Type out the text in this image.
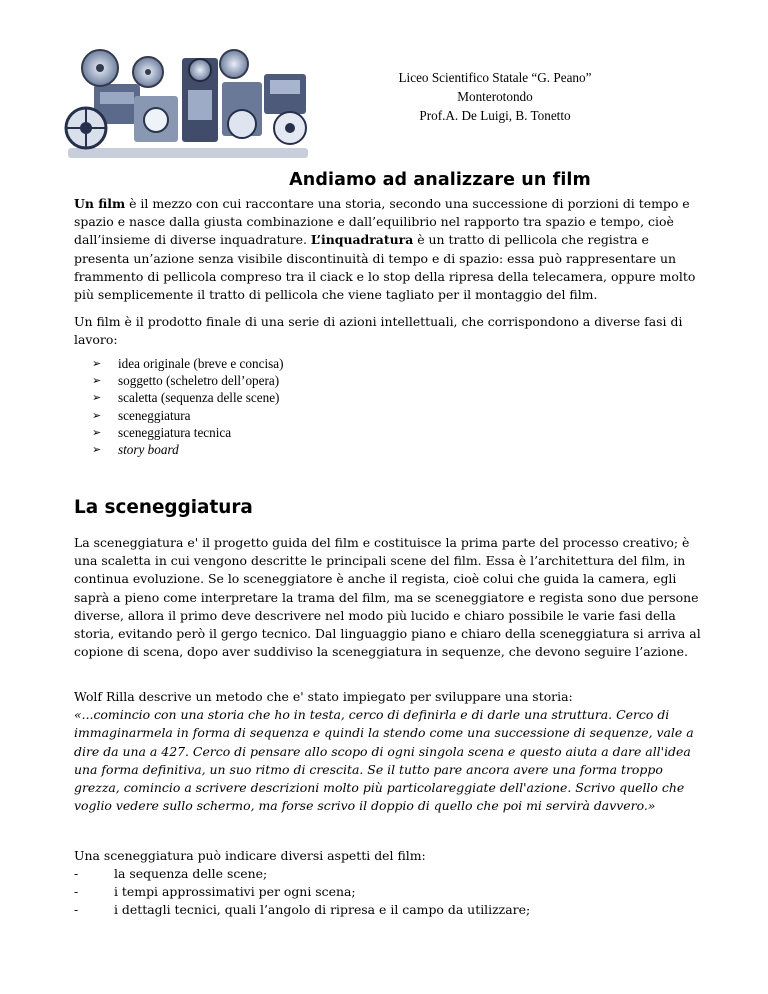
Liceo Scientifico Statale “G. Peano”
Monterotondo
Prof.A. De Luigi, B. Tonetto
Andiamo ad analizzare un film

Un film è il mezzo con cui raccontare una storia, secondo una successione di porzioni di tempo e spazio e nasce dalla giusta combinazione e dall’equilibrio nel rapporto tra spazio e tempo, cioè dall’insieme di diverse inquadrature. L’inquadratura è un tratto di pellicola che registra e presenta un’azione senza visibile discontinuità di tempo e di spazio: essa può rappresentare un frammento di pellicola compreso tra il ciack e lo stop della ripresa della telecamera, oppure molto più semplicemente il tratto di pellicola che viene tagliato per il montaggio del film.

Un film è il prodotto finale di una serie di azioni intellettuali, che corrispondono a diverse fasi di lavoro:

➢	idea originale (breve e concisa)
➢	soggetto (scheletro dell’opera)
➢	scaletta (sequenza delle scene)
➢	sceneggiatura
➢	sceneggiatura tecnica
➢	story board
La sceneggiatura

La sceneggiatura e' il progetto guida del film e costituisce la prima parte del processo creativo; è una scaletta in cui vengono descritte le principali scene del film. Essa è l’architettura del film, in continua evoluzione. Se lo sceneggiatore è anche il regista, cioè colui che guida la camera, egli saprà a pieno come interpretare la trama del film, ma se sceneggiatore e regista sono due persone diverse, allora il primo deve descrivere nel modo più lucido e chiaro possibile le varie fasi della storia, evitando però il gergo tecnico. Dal linguaggio piano e chiaro della sceneggiatura si arriva al copione di scena, dopo aver suddiviso la sceneggiatura in sequenze, che devono seguire l’azione.

Wolf Rilla descrive un metodo che e' stato impiegato per sviluppare una storia:
«...comincio con una storia che ho in testa, cerco di definirla e di darle una struttura. Cerco di immaginarmela in forma di sequenza e quindi la stendo come una successione di sequenze, vale a dire da una a 427. Cerco di pensare allo scopo di ogni singola scena e questo aiuta a dare all'idea una forma definitiva, un suo ritmo di crescita. Se il tutto pare ancora avere una forma troppo grezza, comincio a scrivere descrizioni molto più particolareggiate dell'azione. Scrivo quello che voglio vedere sullo schermo, ma forse scrivo il doppio di quello che poi mi servirà davvero.»

Una sceneggiatura può indicare diversi aspetti del film:

-	la sequenza delle scene;
-	i tempi approssimativi per ogni scena;
-	i dettagli tecnici, quali l’angolo di ripresa e il campo da utilizzare;
